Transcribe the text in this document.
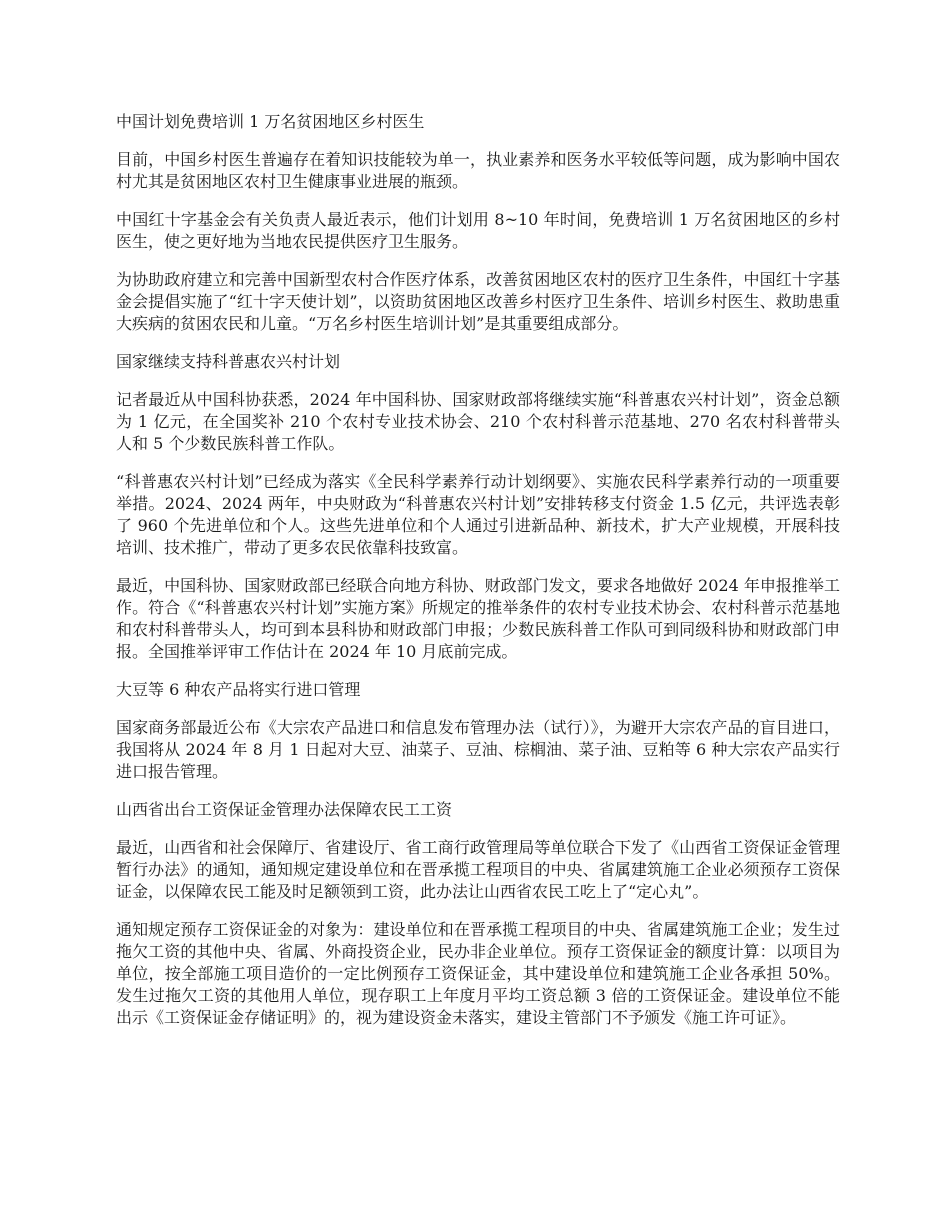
中国计划免费培训 1 万名贫困地区乡村医生

目前，中国乡村医生普遍存在着知识技能较为单一，执业素养和医务水平较低等问题，成为影响中国农村尤其是贫困地区农村卫生健康事业进展的瓶颈。

中国红十字基金会有关负责人最近表示，他们计划用 8~10 年时间，免费培训 1 万名贫困地区的乡村医生，使之更好地为当地农民提供医疗卫生服务。

为协助政府建立和完善中国新型农村合作医疗体系，改善贫困地区农村的医疗卫生条件，中国红十字基金会提倡实施了“红十字天使计划”，以资助贫困地区改善乡村医疗卫生条件、培训乡村医生、救助患重大疾病的贫困农民和儿童。“万名乡村医生培训计划”是其重要组成部分。

国家继续支持科普惠农兴村计划

记者最近从中国科协获悉，2024 年中国科协、国家财政部将继续实施“科普惠农兴村计划”，资金总额为 1 亿元，在全国奖补 210 个农村专业技术协会、210 个农村科普示范基地、270 名农村科普带头人和 5 个少数民族科普工作队。

“科普惠农兴村计划”已经成为落实《全民科学素养行动计划纲要》、实施农民科学素养行动的一项重要举措。2024、2024 两年，中央财政为“科普惠农兴村计划”安排转移支付资金 1.5 亿元，共评选表彰了 960 个先进单位和个人。这些先进单位和个人通过引进新品种、新技术，扩大产业规模，开展科技培训、技术推广，带动了更多农民依靠科技致富。

最近，中国科协、国家财政部已经联合向地方科协、财政部门发文，要求各地做好 2024 年申报推举工作。符合《“科普惠农兴村计划”实施方案》所规定的推举条件的农村专业技术协会、农村科普示范基地和农村科普带头人，均可到本县科协和财政部门申报；少数民族科普工作队可到同级科协和财政部门申报。全国推举评审工作估计在 2024 年 10 月底前完成。

大豆等 6 种农产品将实行进口管理

国家商务部最近公布《大宗农产品进口和信息发布管理办法（试行）》，为避开大宗农产品的盲目进口，我国将从 2024 年 8 月 1 日起对大豆、油菜子、豆油、棕榈油、菜子油、豆粕等 6 种大宗农产品实行进口报告管理。

山西省出台工资保证金管理办法保障农民工工资

最近，山西省和社会保障厅、省建设厅、省工商行政管理局等单位联合下发了《山西省工资保证金管理暂行办法》的通知，通知规定建设单位和在晋承揽工程项目的中央、省属建筑施工企业必须预存工资保证金，以保障农民工能及时足额领到工资，此办法让山西省农民工吃上了“定心丸”。

通知规定预存工资保证金的对象为：建设单位和在晋承揽工程项目的中央、省属建筑施工企业；发生过拖欠工资的其他中央、省属、外商投资企业，民办非企业单位。预存工资保证金的额度计算：以项目为单位，按全部施工项目造价的一定比例预存工资保证金，其中建设单位和建筑施工企业各承担 50%。发生过拖欠工资的其他用人单位，现存职工上年度月平均工资总额 3 倍的工资保证金。建设单位不能出示《工资保证金存储证明》的，视为建设资金未落实，建设主管部门不予颁发《施工许可证》。
